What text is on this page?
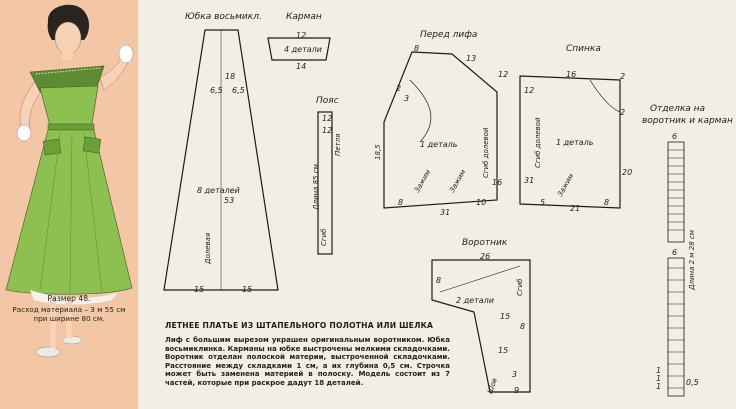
Размер 48.
Расход материала – 3 м 55 см
при ширине 80 см.
Юбка восьмикл.
18
6,5 6,5
53
8 деталей
Долевая
15	15
Карман
12
4 детали
14
Пояс
12
12
Петля
Длина 85 см
Сгиб
Перед лифа
8
13
12
2
3
1 деталь	Сгиб долевой
18,5
16
Зажим Зажим
8	10
31
Спинка
16	2
2
12
1 деталь
Сгиб долевой
31
20
Зажим
5
21
8
Воротник
26
8
2 детали
Сгиб
15
8
15
3
Шов 9
Отделка на
воротник и карман
6
Длина 2 м 28 см
6
0,5
1
1
1
ЛЕТНЕЕ ПЛАТЬЕ ИЗ ШТАПЕЛЬНОГО ПОЛОТНА ИЛИ ШЕЛКА
Лиф с большим вырезом украшен оригинальным воротником. Юбка восьмиклинка. Карманы на юбке выстрочены мелкими складочками. Воротник отделан полоской материи, выстроченной складочками. Расстояние между складками 1 см, а их глубина 0,5 см. Строчка может быть заменена материей в полоску. Модель состоит из 7 частей, которые при раскрое дадут 18 деталей.
